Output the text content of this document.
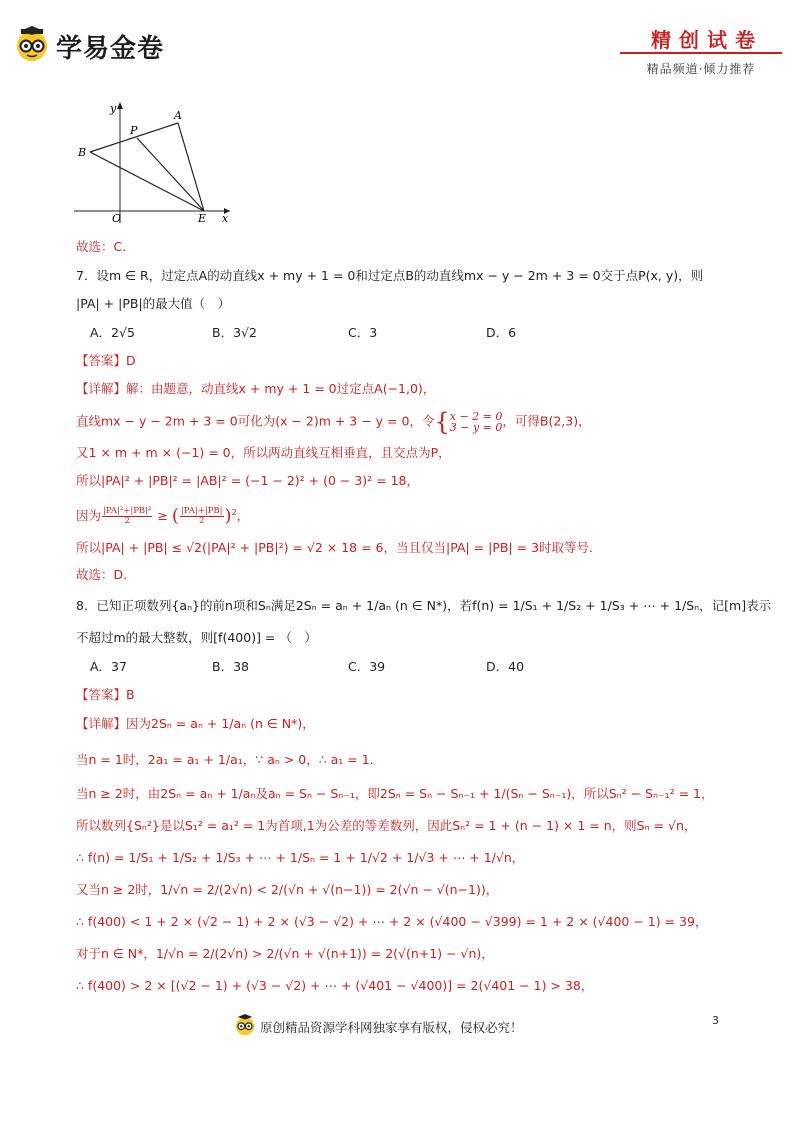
学易金卷	精创试卷
精品频道·倾力推荐
y
x
P
A
B
O	E
故选：C.
7．设m ∈ R，过定点A的动直线x + my + 1 = 0和过定点B的动直线mx − y − 2m + 3 = 0交于点P(x, y)，则
|PA| + |PB|的最大值（　）
A．2√5	B．3√2	C．3	D．6
【答案】D
【详解】解：由题意，动直线x + my + 1 = 0过定点A(−1,0)，
直线mx − y − 2m + 3 = 0可化为(x − 2)m + 3 − y = 0，令{ x − 2 = 0
3 − y = 0 ，可得B(2,3)，
又1 × m + m × (−1) = 0，所以两动直线互相垂直，且交点为P，
所以|PA|² + |PB|² = |AB|² = (−1 − 2)² + (0 − 3)² = 18，
因为 $\frac{\text{|PA|²+|PB|²}}{2}$ ≥ ( $\frac{|PA|+|PB|}{2} )^2$，
所以|PA| + |PB| ≤ √2(|PA|² + |PB|²) = √2 × 18 = 6，当且仅当|PA| = |PB| = 3时取等号.
故选：D.
8．已知正项数列{aₙ}的前n项和Sₙ满足2Sₙ = aₙ + 1/aₙ (n ∈ N*)，若f(n) = 1/S₁ + 1/S₂ + 1/S₃ + ⋯ + 1/Sₙ，记[m]表示
不超过m的最大整数，则[f(400)] = （　）
A．37	B．38	C．39	D．40
【答案】B
【详解】因为2Sₙ = aₙ + 1/aₙ (n ∈ N*)，
当n = 1时，2a₁ = a₁ + 1/a₁，∵ aₙ > 0，∴ a₁ = 1.
当n ≥ 2时，由2Sₙ = aₙ + 1/aₙ及aₙ = Sₙ − Sₙ₋₁，即2Sₙ = Sₙ − Sₙ₋₁ + 1/(Sₙ − Sₙ₋₁)，所以Sₙ² − Sₙ₋₁² = 1，
所以数列{Sₙ²}是以S₁² = a₁² = 1为首项,1为公差的等差数列，因此Sₙ² = 1 + (n − 1) × 1 = n，则Sₙ = √n，
∴ f(n) = 1/S₁ + 1/S₂ + 1/S₃ + ⋯ + 1/Sₙ = 1 + 1/√2 + 1/√3 + ⋯ + 1/√n，
又当n ≥ 2时，1/√n = 2/(2√n) < 2/(√n + √(n−1)) = 2(√n − √(n−1))，
∴ f(400) < 1 + 2 × (√2 − 1) + 2 × (√3 − √2) + ⋯ + 2 × (√400 − √399) = 1 + 2 × (√400 − 1) = 39，
对于n ∈ N*，1/√n = 2/(2√n) > 2/(√n + √(n+1)) = 2(√(n+1) − √n)，
∴ f(400) > 2 × [(√2 − 1) + (√3 − √2) + ⋯ + (√401 − √400)] = 2(√401 − 1) > 38，
原创精品资源学科网独家享有版权，侵权必究！	3
